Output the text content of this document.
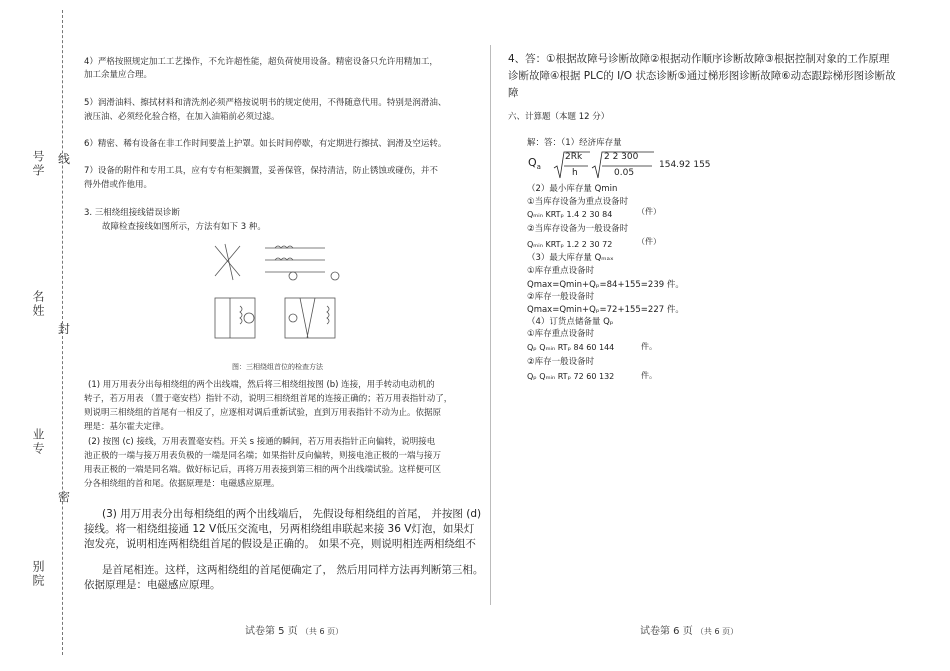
号学
名姓
业专
别院
线
封
密
4）严格按照规定加工工艺操作，不允许超性能，超负荷使用设备。精密设备只允许用精加工，
加工余量应合理。
5）润滑油料、擦拭材料和清洗剂必须严格按说明书的规定使用，不得随意代用。特别是润滑油、
液压油、必须经化验合格，在加入油箱前必须过滤。
6）精密、稀有设备在非工作时间要盖上护罩。如长时间停歇，有定期进行擦拭、润滑及空运转。
7）设备的附件和专用工具，应有专有柜架搁置，妥善保管，保持清洁，防止锈蚀或碰伤，并不
得外借或作他用。
3. 三相绕组接线错误诊断
故障检查接线如图所示，方法有如下 3 种。
图：三相绕组首位的检查方法
(1) 用万用表分出每相绕组的两个出线端，然后将三相绕组按图 (b) 连接，用手转动电动机的
转子，若万用表 （置于毫安档）指针不动，说明三相绕组首尾的连接正确的；若万用表指针动了，
则说明三相绕组的首尾有一相反了，应逐相对调后重新试验，直到万用表指针不动为止。依据原
理是：基尔霍夫定律。
(2) 按图 (c) 接线，万用表置毫安档。开关 s 接通的瞬间，若万用表指针正向偏转，说明接电
池正极的一端与接万用表负极的一端是同名端；如果指针反向偏转，则接电池正极的一端与接万
用表正极的一端是同名端。做好标记后，再将万用表接到第三相的两个出线端试验。这样便可区
分各相绕组的首和尾。依据原理是：电磁感应原理。
(3) 用万用表分出每相绕组的两个出线端后， 先假设每相绕组的首尾， 并按图 (d)
接线。将一相绕组接通 12 V低压交流电，另两相绕组串联起来接 36 V灯泡，如果灯
泡发亮，说明相连两相绕组首尾的假设是正确的。 如果不亮，则说明相连两相绕组不
是首尾相连。这样，这两相绕组的首尾便确定了， 然后用同样方法再判断第三相。
依据原理是：电磁感应原理。
试卷第 5 页 （共 6 页）
4、答：①根据故障号诊断故障②根据动作顺序诊断故障③根据控制对象的工作原理
诊断故障④根据 PLC的 I/O 状态诊断⑤通过梯形图诊断故障⑥动态跟踪梯形图诊断故
障
六、计算题（本题 12 分）
解：答：（1）经济库存量
$Q_a$
2Rk
h
2 2 300
0.05
154.92 155
（2）最小库存量 Qmin
①当库存设备为重点设备时
Qₘᵢₙ KRTₚ 1.4 2 30 84	（件）
②当库存设备为一般设备时
Qₘᵢₙ KRTₚ 1.2 2 30 72	（件）
（3）最大库存量 Qₘₐₓ
①库存重点设备时
Qmax=Qmin+Qₚ=84+155=239 件。
②库存一般设备时
Qmax=Qmin+Qₚ=72+155=227 件。
（4）订货点储备量 Qₚ
①库存重点设备时
Qₚ Qₘᵢₙ RTₚ 84 60 144	件。
②库存一般设备时
Qₚ Qₘᵢₙ RTₚ 72 60 132	件。
试卷第 6 页 （共 6 页）
